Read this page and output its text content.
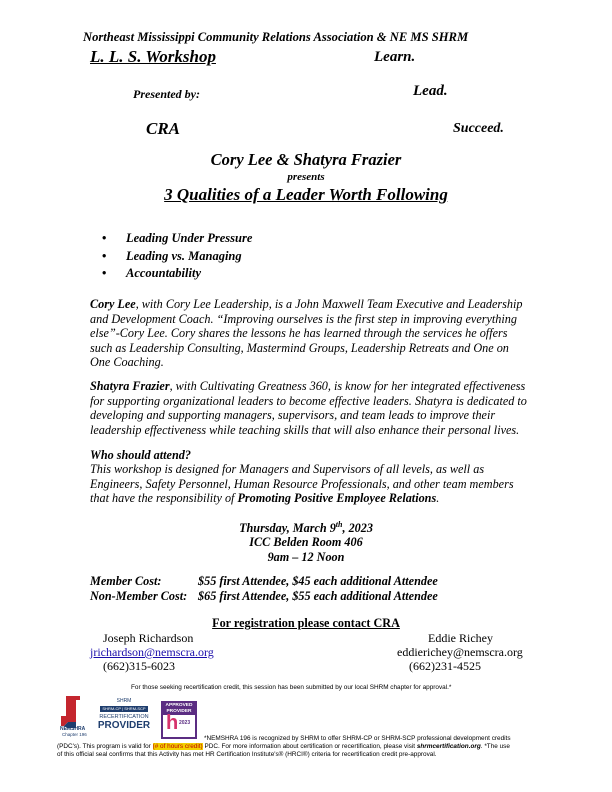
Northeast Mississippi Community Relations Association & NE MS SHRM
L. L. S. Workshop	Learn.
Presented by:	Lead.
CRA	Succeed.
Cory Lee & Shatyra Frazier
presents
3 Qualities of a Leader Worth Following
• Leading Under Pressure
• Leading vs. Managing
• Accountability
Cory Lee, with Cory Lee Leadership, is a John Maxwell Team Executive and Leadership and Development Coach. “Improving ourselves is the first step in improving everything else”-Cory Lee. Cory shares the lessons he has learned through the services he offers such as Leadership Consulting, Mastermind Groups, Leadership Retreats and One on One Coaching.
Shatyra Frazier, with Cultivating Greatness 360, is know for her integrated effectiveness for supporting organizational leaders to become effective leaders. Shatyra is dedicated to developing and supporting managers, supervisors, and team leads to improve their leadership effectiveness while teaching skills that will also enhance their personal lives.
Who should attend?
This workshop is designed for Managers and Supervisors of all levels, as well as Engineers, Safety Personnel, Human Resource Professionals, and other team members that have the responsibility of Promoting Positive Employee Relations.
Thursday, March 9th, 2023
ICC Belden Room 406
9am – 12 Noon
Member Cost:	$55 first Attendee, $45 each additional Attendee
Non-Member Cost: $65 first Attendee, $55 each additional Attendee
For registration please contact CRA
Joseph Richardson
jrichardson@nemscra.org
(662)315-6023
Eddie Richey
eddierichey@nemscra.org
(662)231-4525
For those seeking recertification credit, this session has been submitted by our local SHRM chapter for approval.*
NEMSHRA
Chapter 196
SHRM
SHRM-CP | SHRM-SCP
RECERTIFICATION
PROVIDER
APPROVED
PROVIDER
h 2023
*NEMSHRA 196 is recognized by SHRM to offer SHRM-CP or SHRM-SCP professional development credits
(PDC's). This program is valid for (# of hours credit) PDC. For more information about certification or recertification, please visit shrmcertification.org. *The use
of this official seal confirms that this Activity has met HR Certification Institute's® (HRCI®) criteria for recertification credit pre-approval.
